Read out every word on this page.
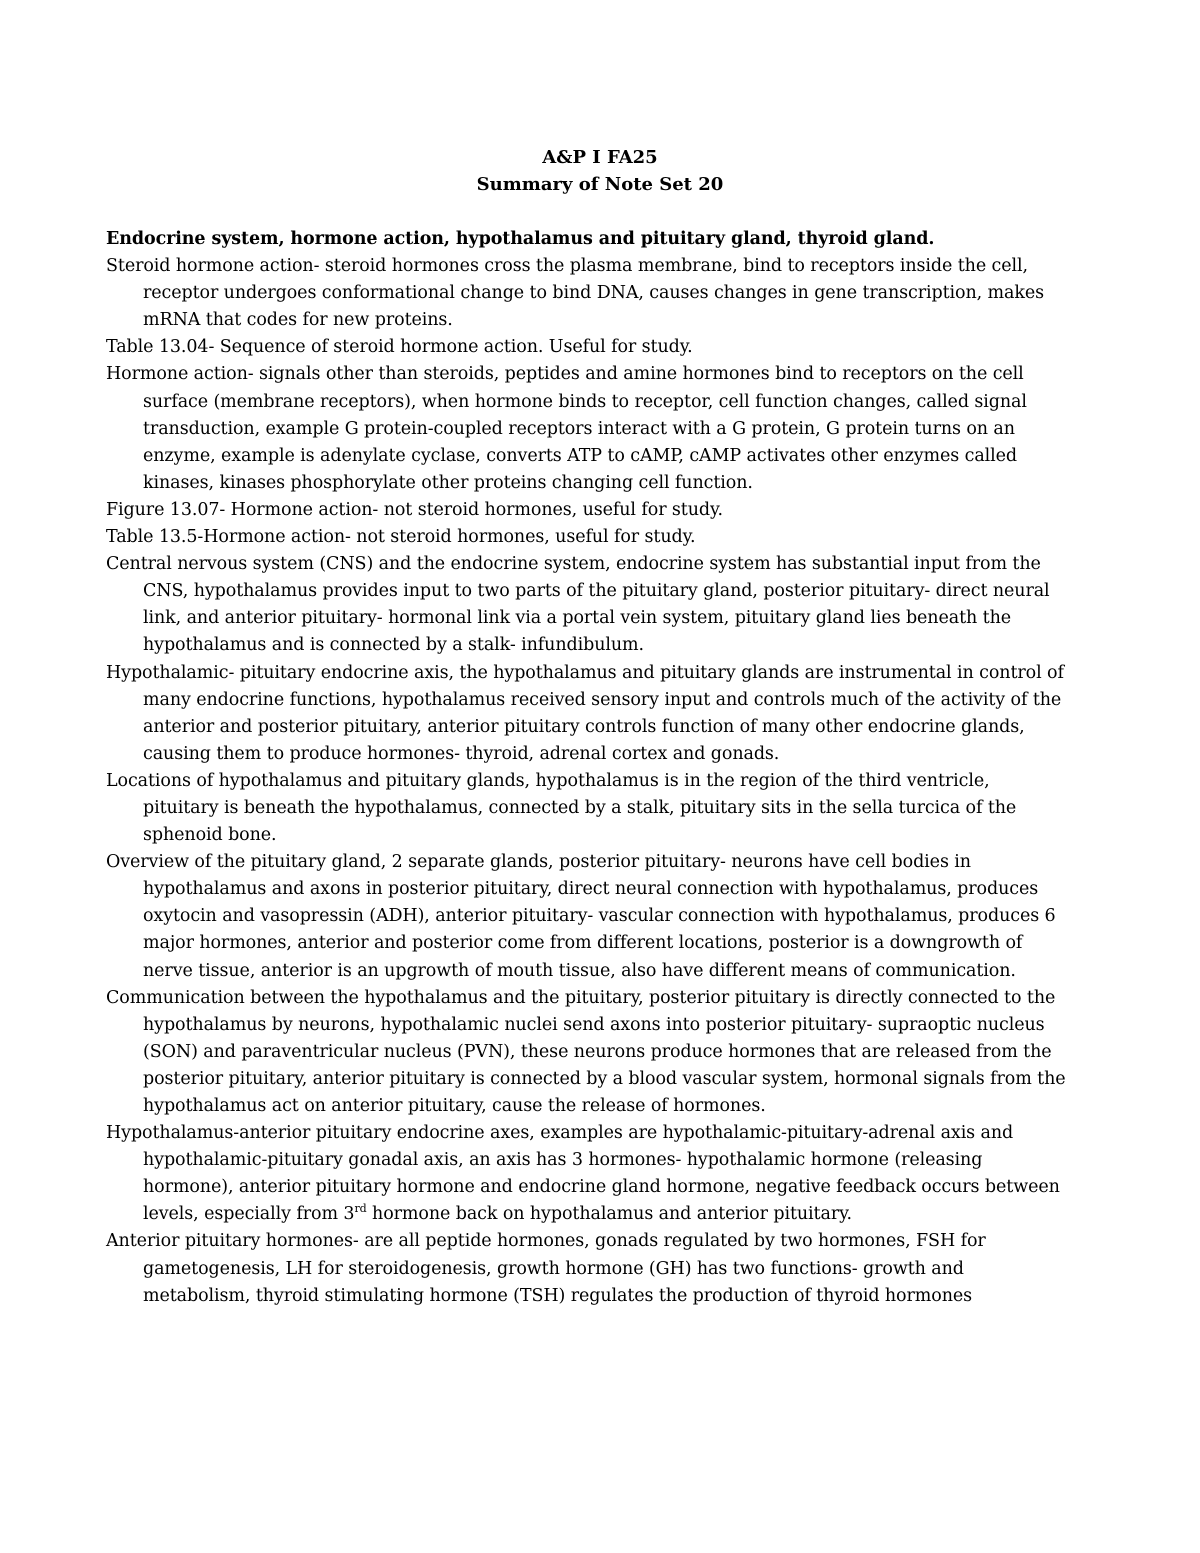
A&P I FA25
Summary of Note Set 20

Endocrine system, hormone action, hypothalamus and pituitary gland, thyroid gland.

Steroid hormone action- steroid hormones cross the plasma membrane, bind to receptors inside the cell, receptor undergoes conformational change to bind DNA, causes changes in gene transcription, makes mRNA that codes for new proteins.

Table 13.04- Sequence of steroid hormone action. Useful for study.

Hormone action- signals other than steroids, peptides and amine hormones bind to receptors on the cell surface (membrane receptors), when hormone binds to receptor, cell function changes, called signal transduction, example G protein-coupled receptors interact with a G protein, G protein turns on an enzyme, example is adenylate cyclase, converts ATP to cAMP, cAMP activates other enzymes called kinases, kinases phosphorylate other proteins changing cell function.

Figure 13.07- Hormone action- not steroid hormones, useful for study.

Table 13.5-Hormone action- not steroid hormones, useful for study.

Central nervous system (CNS) and the endocrine system, endocrine system has substantial input from the CNS, hypothalamus provides input to two parts of the pituitary gland, posterior pituitary- direct neural link, and anterior pituitary- hormonal link via a portal vein system, pituitary gland lies beneath the hypothalamus and is connected by a stalk- infundibulum.

Hypothalamic- pituitary endocrine axis, the hypothalamus and pituitary glands are instrumental in control of many endocrine functions, hypothalamus received sensory input and controls much of the activity of the anterior and posterior pituitary, anterior pituitary controls function of many other endocrine glands, causing them to produce hormones- thyroid, adrenal cortex and gonads.

Locations of hypothalamus and pituitary glands, hypothalamus is in the region of the third ventricle, pituitary is beneath the hypothalamus, connected by a stalk, pituitary sits in the sella turcica of the sphenoid bone.

Overview of the pituitary gland, 2 separate glands, posterior pituitary- neurons have cell bodies in hypothalamus and axons in posterior pituitary, direct neural connection with hypothalamus, produces oxytocin and vasopressin (ADH), anterior pituitary- vascular connection with hypothalamus, produces 6 major hormones, anterior and posterior come from different locations, posterior is a downgrowth of nerve tissue, anterior is an upgrowth of mouth tissue, also have different means of communication.

Communication between the hypothalamus and the pituitary, posterior pituitary is directly connected to the hypothalamus by neurons, hypothalamic nuclei send axons into posterior pituitary- supraoptic nucleus (SON) and paraventricular nucleus (PVN), these neurons produce hormones that are released from the posterior pituitary, anterior pituitary is connected by a blood vascular system, hormonal signals from the hypothalamus act on anterior pituitary, cause the release of hormones.

Hypothalamus-anterior pituitary endocrine axes, examples are hypothalamic-pituitary-adrenal axis and hypothalamic-pituitary gonadal axis, an axis has 3 hormones- hypothalamic hormone (releasing hormone), anterior pituitary hormone and endocrine gland hormone, negative feedback occurs between levels, especially from 3rd hormone back on hypothalamus and anterior pituitary.

Anterior pituitary hormones- are all peptide hormones, gonads regulated by two hormones, FSH for gametogenesis, LH for steroidogenesis, growth hormone (GH) has two functions- growth and metabolism, thyroid stimulating hormone (TSH) regulates the production of thyroid hormones
